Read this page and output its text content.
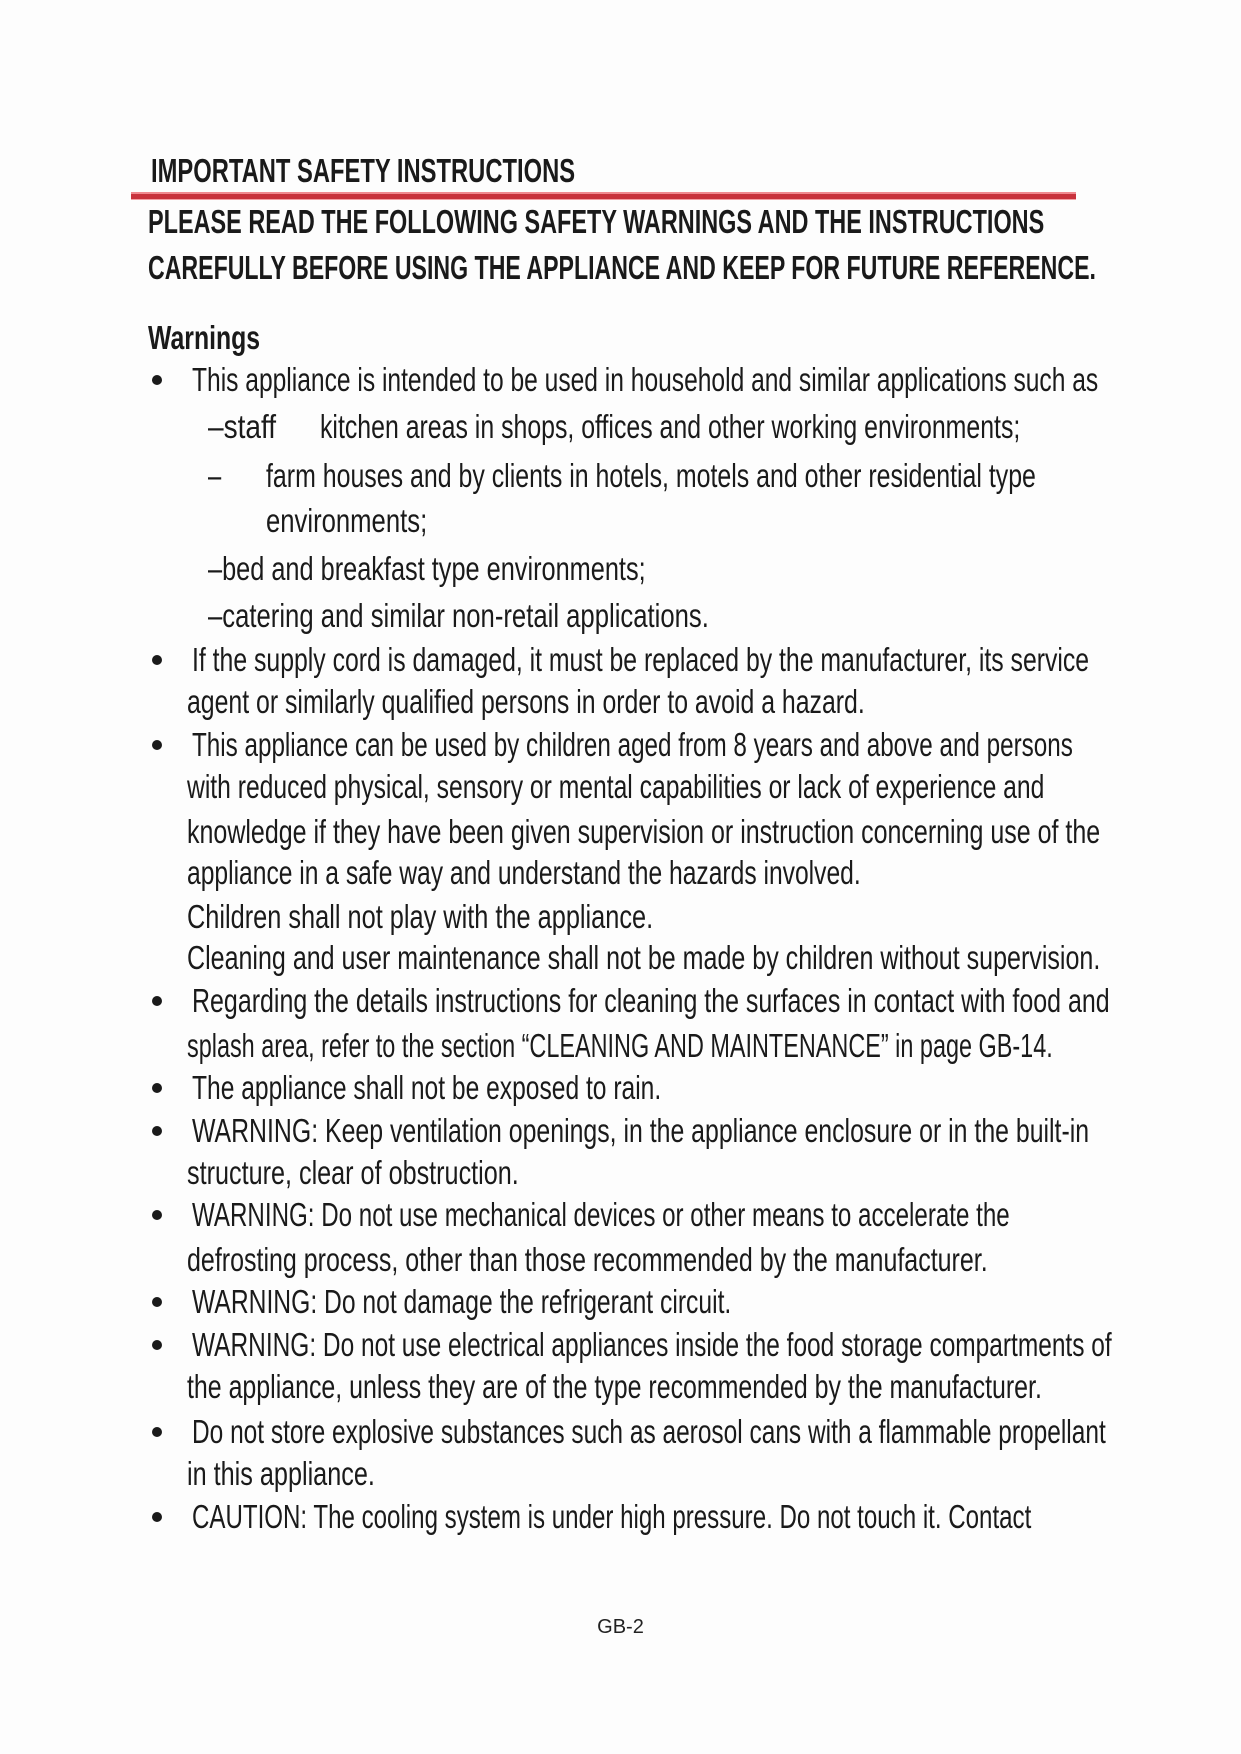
IMPORTANT SAFETY INSTRUCTIONS
PLEASE READ THE FOLLOWING SAFETY WARNINGS AND THE INSTRUCTIONS
CAREFULLY BEFORE USING THE APPLIANCE AND KEEP FOR FUTURE REFERENCE.
Warnings
This appliance is intended to be used in household and similar applications such as
–staff kitchen areas in shops, offices and other working environments;
– farm houses and by clients in hotels, motels and other residential type
environments;
–bed and breakfast type environments;
–catering and similar non-retail applications.
If the supply cord is damaged, it must be replaced by the manufacturer, its service
agent or similarly qualified persons in order to avoid a hazard.
This appliance can be used by children aged from 8 years and above and persons
with reduced physical, sensory or mental capabilities or lack of experience and
knowledge if they have been given supervision or instruction concerning use of the
appliance in a safe way and understand the hazards involved.
Children shall not play with the appliance.
Cleaning and user maintenance shall not be made by children without supervision.
Regarding the details instructions for cleaning the surfaces in contact with food and
splash area, refer to the section “CLEANING AND MAINTENANCE” in page GB-14.
The appliance shall not be exposed to rain.
WARNING: Keep ventilation openings, in the appliance enclosure or in the built-in
structure, clear of obstruction.
WARNING: Do not use mechanical devices or other means to accelerate the
defrosting process, other than those recommended by the manufacturer.
WARNING: Do not damage the refrigerant circuit.
WARNING: Do not use electrical appliances inside the food storage compartments of
the appliance, unless they are of the type recommended by the manufacturer.
Do not store explosive substances such as aerosol cans with a flammable propellant
in this appliance.
CAUTION: The cooling system is under high pressure. Do not touch it. Contact
GB-2
